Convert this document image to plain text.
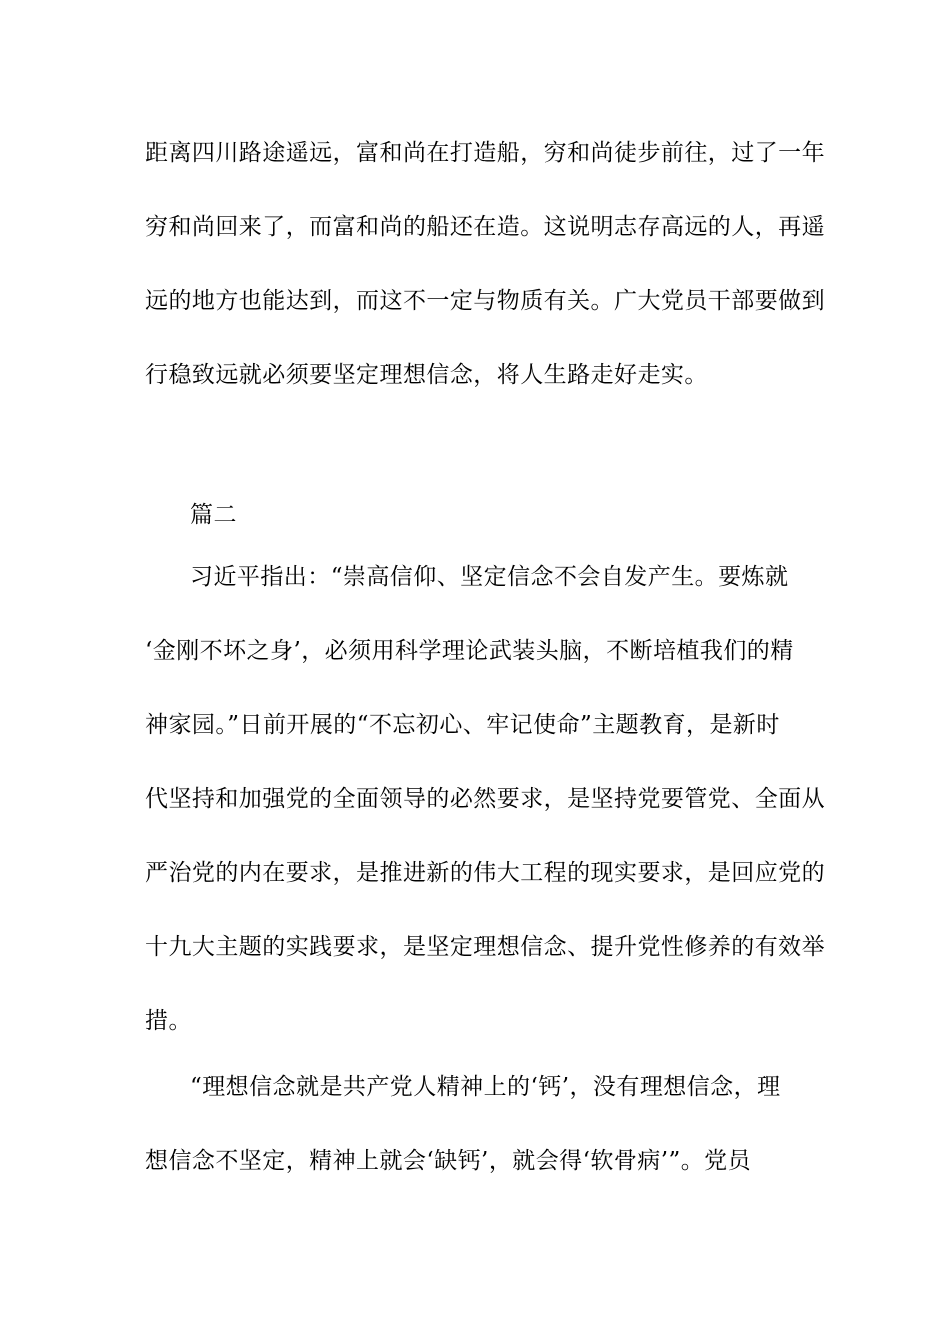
距离四川路途遥远，富和尚在打造船，穷和尚徒步前往，过了一年
穷和尚回来了，而富和尚的船还在造。这说明志存高远的人，再遥
远的地方也能达到，而这不一定与物质有关。广大党员干部要做到
行稳致远就必须要坚定理想信念，将人生路走好走实。
篇二
习近平指出：“崇高信仰、坚定信念不会自发产生。要炼就
‘金刚不坏之身’，必须用科学理论武装头脑，不断培植我们的精
神家园。”日前开展的“不忘初心、牢记使命”主题教育，是新时
代坚持和加强党的全面领导的必然要求，是坚持党要管党、全面从
严治党的内在要求，是推进新的伟大工程的现实要求，是回应党的
十九大主题的实践要求，是坚定理想信念、提升党性修养的有效举
措。
“理想信念就是共产党人精神上的‘钙’，没有理想信念，理
想信念不坚定，精神上就会‘缺钙’，就会得‘软骨病’”。党员
